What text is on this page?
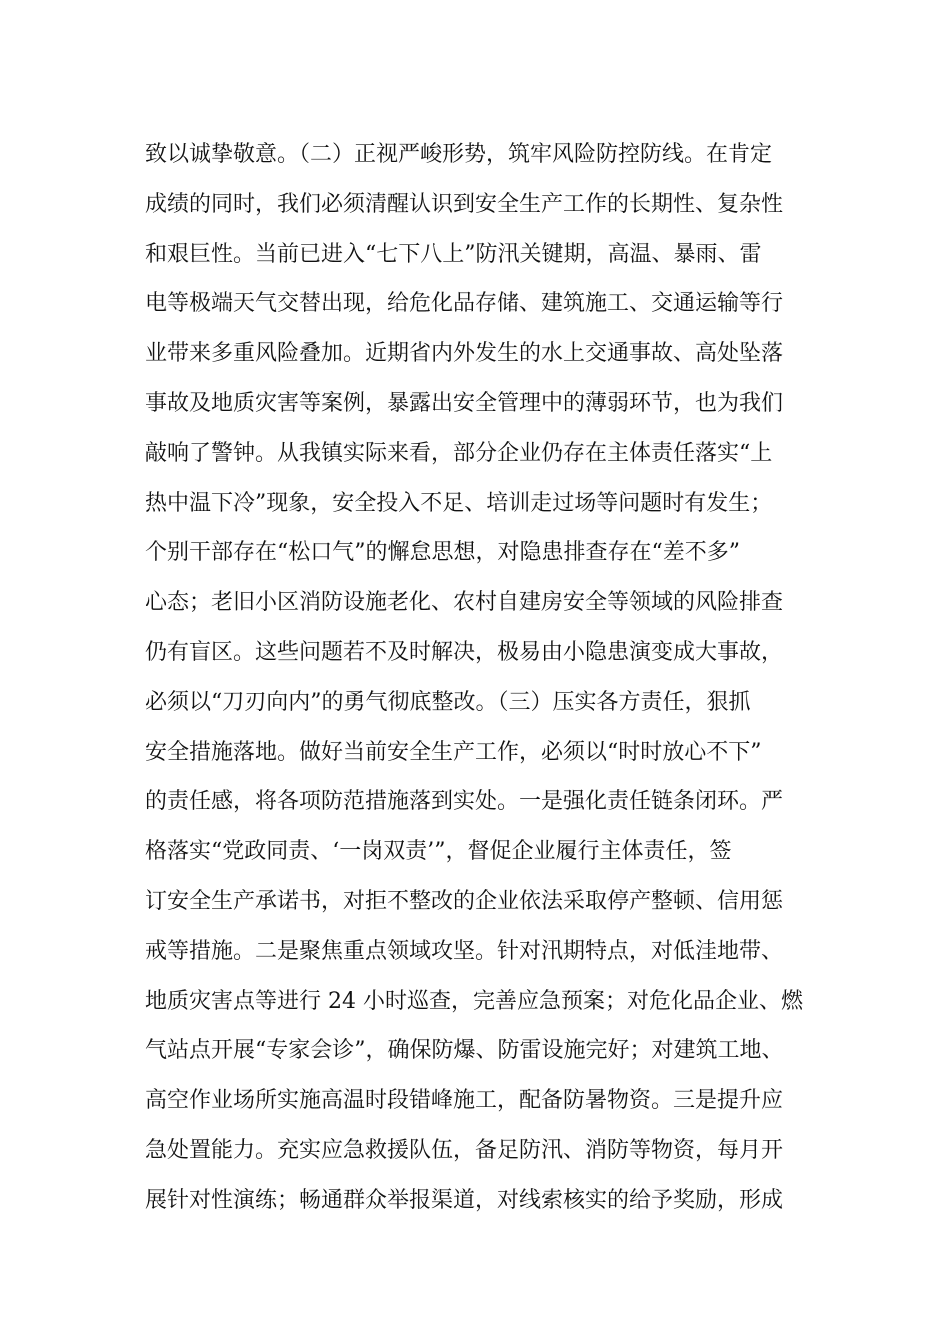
致以诚挚敬意。（二）正视严峻形势，筑牢风险防控防线。在肯定
成绩的同时，我们必须清醒认识到安全生产工作的长期性、复杂性
和艰巨性。当前已进入“七下八上”防汛关键期，高温、暴雨、雷
电等极端天气交替出现，给危化品存储、建筑施工、交通运输等行
业带来多重风险叠加。近期省内外发生的水上交通事故、高处坠落
事故及地质灾害等案例，暴露出安全管理中的薄弱环节，也为我们
敲响了警钟。从我镇实际来看，部分企业仍存在主体责任落实“上
热中温下冷”现象，安全投入不足、培训走过场等问题时有发生；
个别干部存在“松口气”的懈怠思想，对隐患排查存在“差不多”
心态；老旧小区消防设施老化、农村自建房安全等领域的风险排查
仍有盲区。这些问题若不及时解决，极易由小隐患演变成大事故，
必须以“刀刃向内”的勇气彻底整改。（三）压实各方责任，狠抓
安全措施落地。做好当前安全生产工作，必须以“时时放心不下”
的责任感，将各项防范措施落到实处。一是强化责任链条闭环。严
格落实“党政同责、‘一岗双责’”，督促企业履行主体责任，签
订安全生产承诺书，对拒不整改的企业依法采取停产整顿、信用惩
戒等措施。二是聚焦重点领域攻坚。针对汛期特点，对低洼地带、
地质灾害点等进行 24 小时巡查，完善应急预案；对危化品企业、燃
气站点开展“专家会诊”，确保防爆、防雷设施完好；对建筑工地、
高空作业场所实施高温时段错峰施工，配备防暑物资。三是提升应
急处置能力。充实应急救援队伍，备足防汛、消防等物资，每月开
展针对性演练；畅通群众举报渠道，对线索核实的给予奖励，形成
